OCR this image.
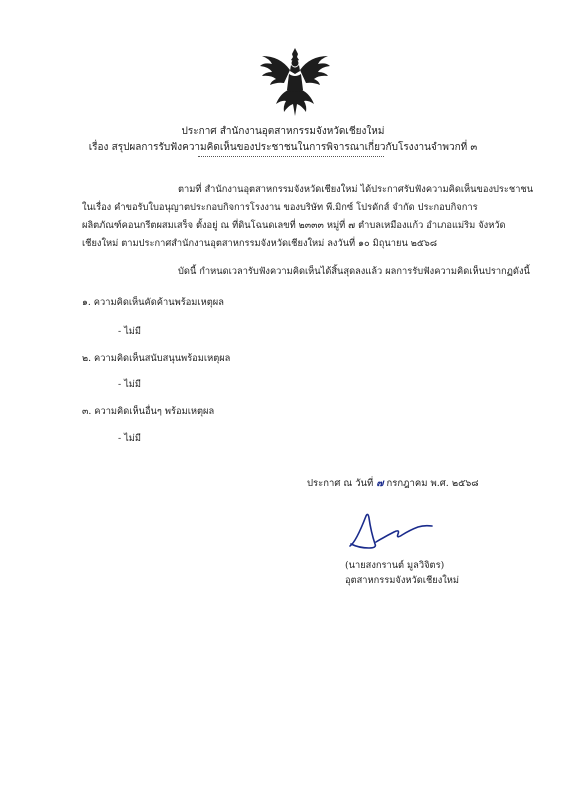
ประกาศ สำนักงานอุตสาหกรรมจังหวัดเชียงใหม่
เรื่อง สรุปผลการรับฟังความคิดเห็นของประชาชนในการพิจารณาเกี่ยวกับโรงงานจำพวกที่ ๓
ตามที่ สำนักงานอุตสาหกรรมจังหวัดเชียงใหม่ ได้ประกาศรับฟังความคิดเห็นของประชาชน
ในเรื่อง คำขอรับใบอนุญาตประกอบกิจการโรงงาน ของบริษัท พี.มิกซ์ โปรดักส์ จำกัด ประกอบกิจการ
ผลิตภัณฑ์คอนกรีตผสมเสร็จ ตั้งอยู่ ณ ที่ดินโฉนดเลขที่ ๒๓๓๓ หมู่ที่ ๗ ตำบลเหมืองแก้ว อำเภอแม่ริม จังหวัด
เชียงใหม่ ตามประกาศสำนักงานอุตสาหกรรมจังหวัดเชียงใหม่ ลงวันที่ ๑๐ มิถุนายน ๒๕๖๘
บัดนี้ กำหนดเวลารับฟังความคิดเห็นได้สิ้นสุดลงแล้ว ผลการรับฟังความคิดเห็นปรากฏดังนี้
๑. ความคิดเห็นคัดค้านพร้อมเหตุผล
- ไม่มี
๒. ความคิดเห็นสนับสนุนพร้อมเหตุผล
- ไม่มี
๓. ความคิดเห็นอื่นๆ พร้อมเหตุผล
- ไม่มี
ประกาศ ณ วันที่ ๗ กรกฎาคม พ.ศ. ๒๕๖๘
(นายสงกรานต์ มูลวิจิตร)
อุตสาหกรรมจังหวัดเชียงใหม่
